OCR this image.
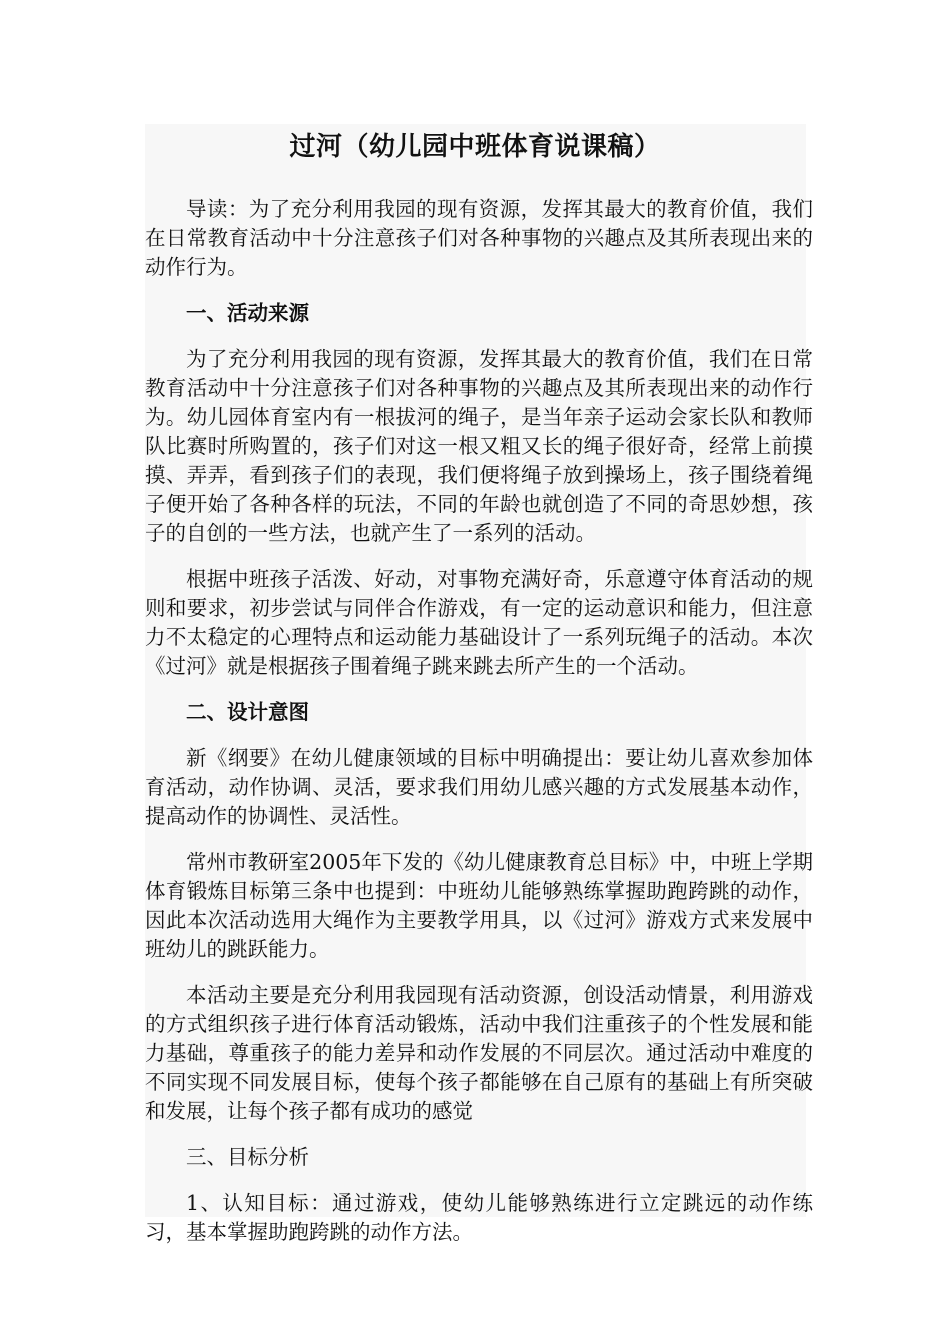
过河（幼儿园中班体育说课稿）

导读：为了充分利用我园的现有资源，发挥其最大的教育价值，我们在日常教育活动中十分注意孩子们对各种事物的兴趣点及其所表现出来的动作行为。

一、活动来源

为了充分利用我园的现有资源，发挥其最大的教育价值，我们在日常教育活动中十分注意孩子们对各种事物的兴趣点及其所表现出来的动作行为。幼儿园体育室内有一根拔河的绳子，是当年亲子运动会家长队和教师队比赛时所购置的，孩子们对这一根又粗又长的绳子很好奇，经常上前摸摸、弄弄，看到孩子们的表现，我们便将绳子放到操场上，孩子围绕着绳子便开始了各种各样的玩法，不同的年龄也就创造了不同的奇思妙想，孩子的自创的一些方法，也就产生了一系列的活动。

根据中班孩子活泼、好动，对事物充满好奇，乐意遵守体育活动的规则和要求，初步尝试与同伴合作游戏，有一定的运动意识和能力，但注意力不太稳定的心理特点和运动能力基础设计了一系列玩绳子的活动。本次《过河》就是根据孩子围着绳子跳来跳去所产生的一个活动。

二、设计意图

新《纲要》在幼儿健康领域的目标中明确提出：要让幼儿喜欢参加体育活动，动作协调、灵活，要求我们用幼儿感兴趣的方式发展基本动作，提高动作的协调性、灵活性。

常州市教研室2005年下发的《幼儿健康教育总目标》中，中班上学期体育锻炼目标第三条中也提到：中班幼儿能够熟练掌握助跑跨跳的动作，因此本次活动选用大绳作为主要教学用具，以《过河》游戏方式来发展中班幼儿的跳跃能力。

本活动主要是充分利用我园现有活动资源，创设活动情景，利用游戏的方式组织孩子进行体育活动锻炼，活动中我们注重孩子的个性发展和能力基础，尊重孩子的能力差异和动作发展的不同层次。通过活动中难度的不同实现不同发展目标，使每个孩子都能够在自己原有的基础上有所突破和发展，让每个孩子都有成功的感觉

三、目标分析

1、认知目标：通过游戏，使幼儿能够熟练进行立定跳远的动作练习，基本掌握助跑跨跳的动作方法。
